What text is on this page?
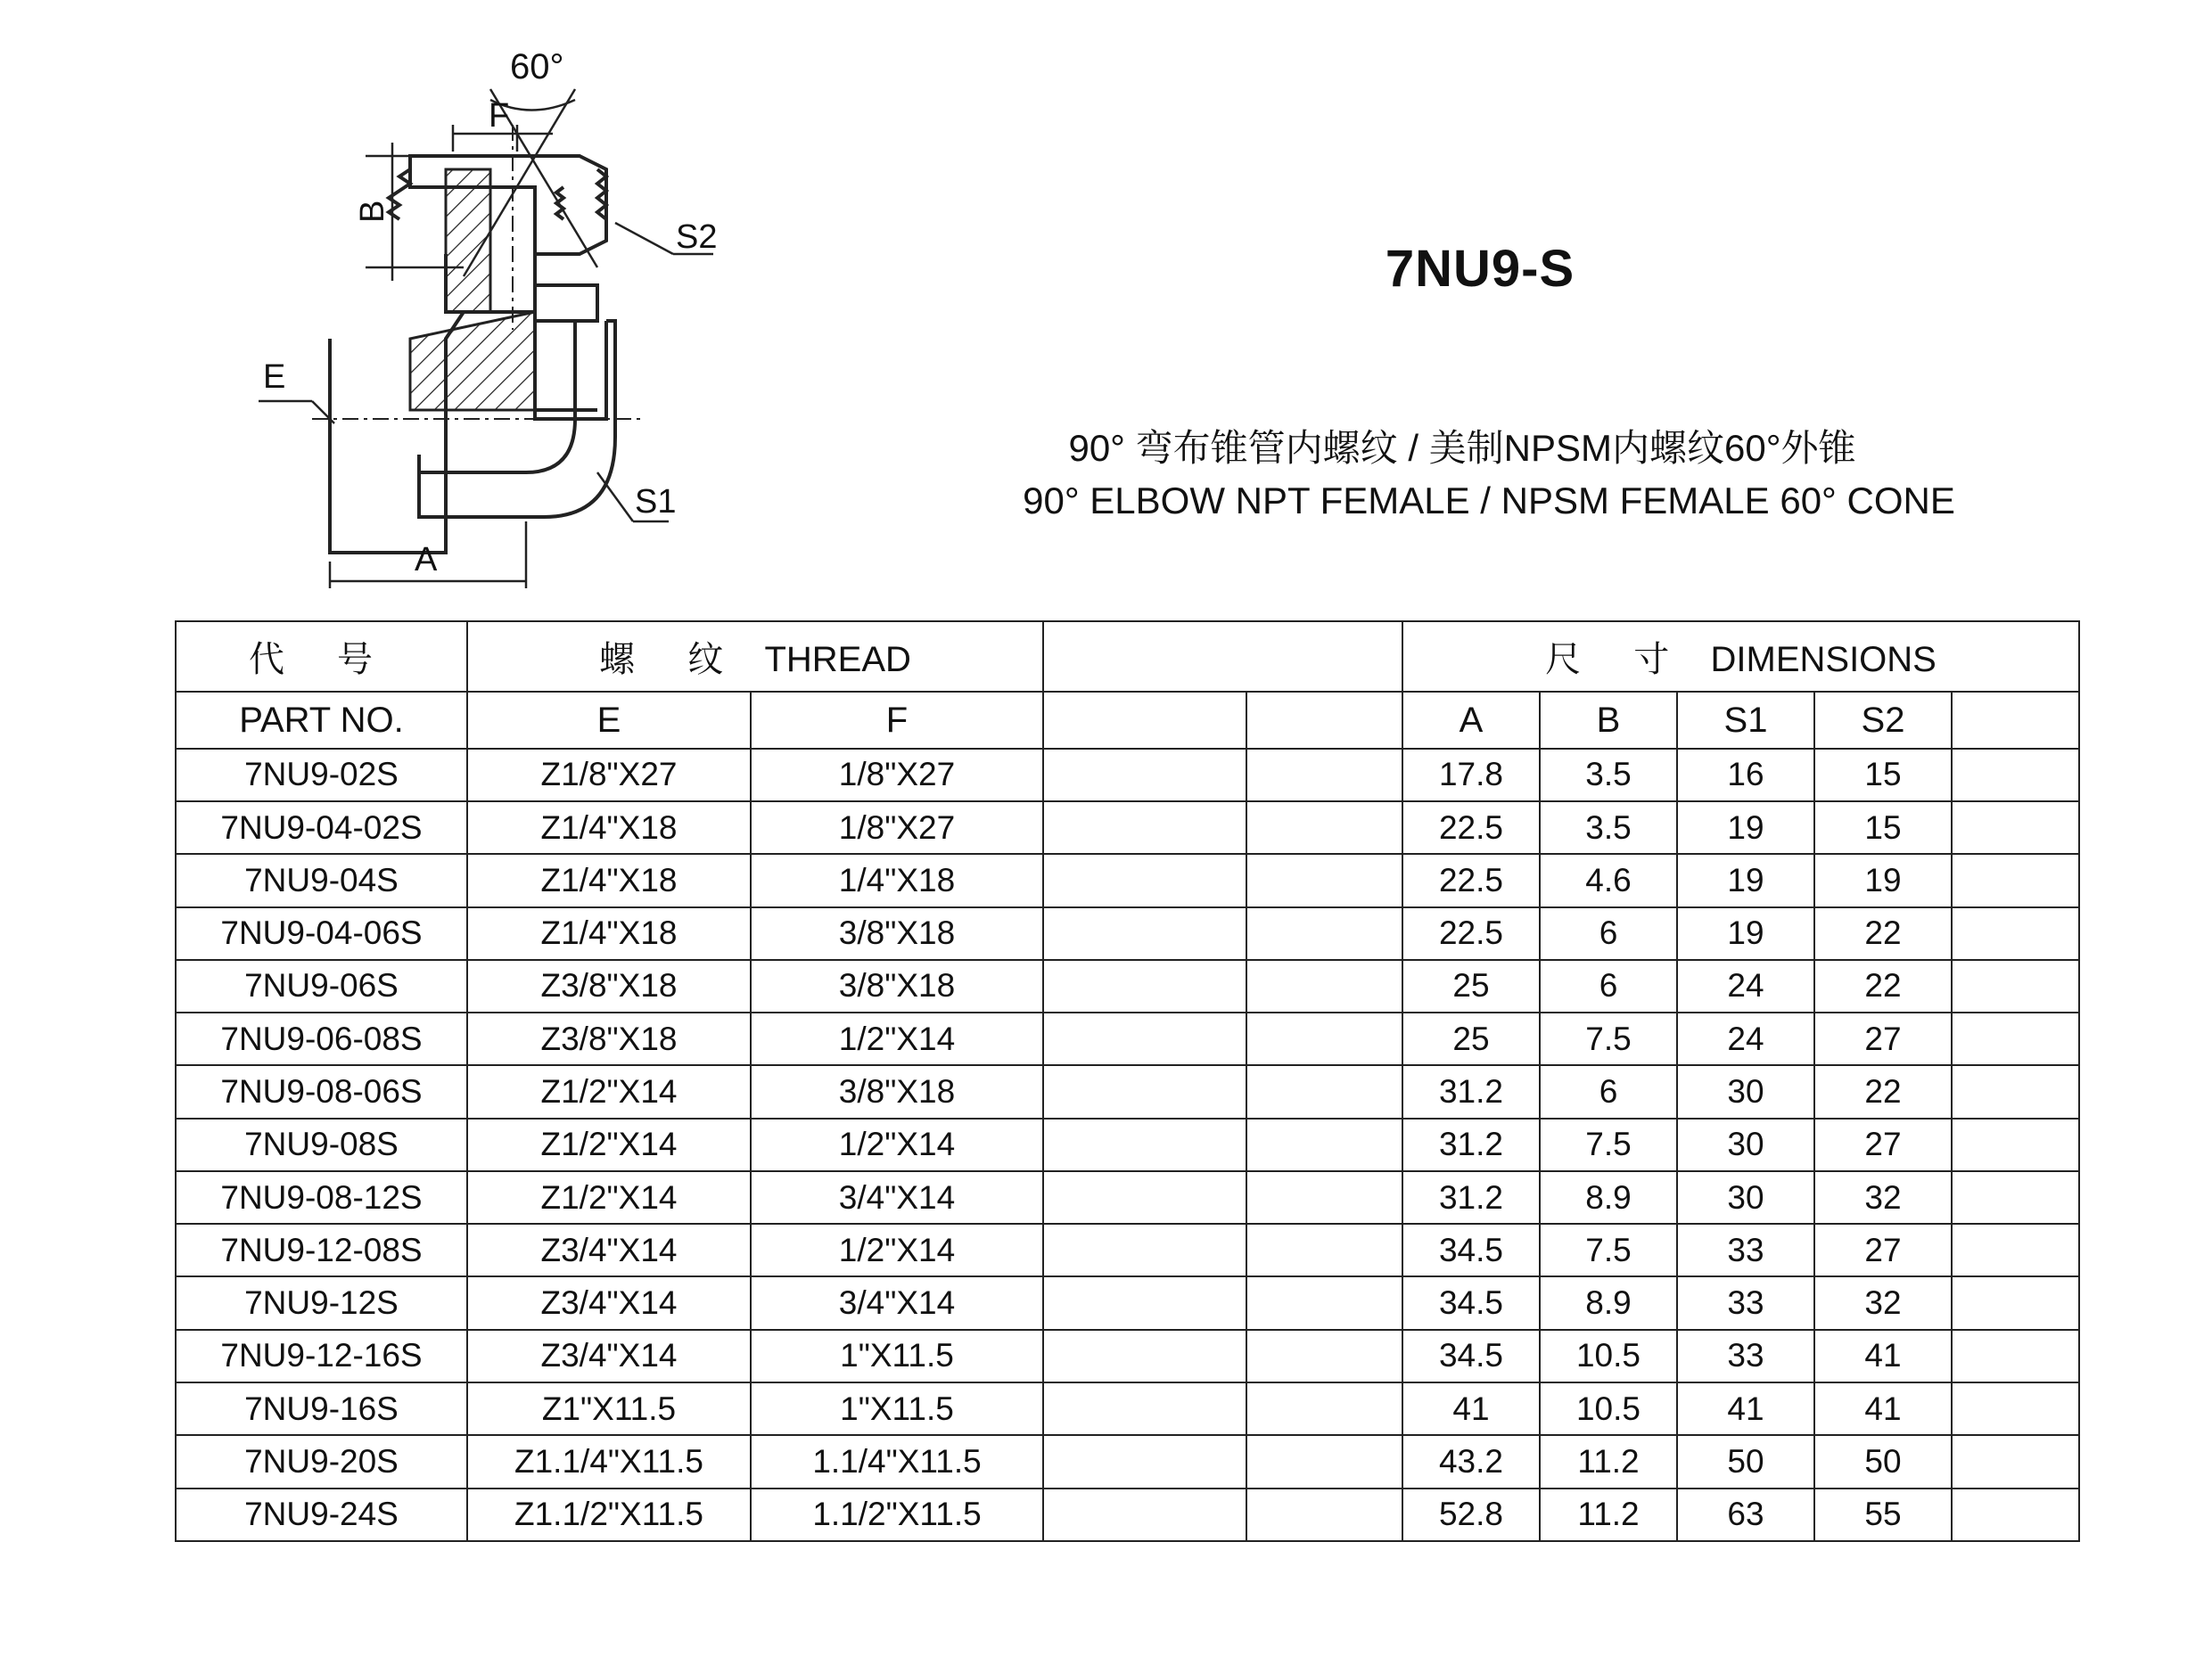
60°
F
B
S2
E
S1
A
7NU9-S
90° 弯布锥管内螺纹 / 美制NPSM内螺纹60°外锥
90° ELBOW NPT FEMALE / NPSM FEMALE 60° CONE
代 号	螺 纹 THREAD				尺 寸 DIMENSIONS				
PART NO.	E	F			A	B	S1	S2	
7NU9-02S	Z1/8"X27	1/8"X27			17.8	3.5	16	15	
7NU9-04-02S	Z1/4"X18	1/8"X27			22.5	3.5	19	15	
7NU9-04S	Z1/4"X18	1/4"X18			22.5	4.6	19	19	
7NU9-04-06S	Z1/4"X18	3/8"X18			22.5	6	19	22	
7NU9-06S	Z3/8"X18	3/8"X18			25	6	24	22	
7NU9-06-08S	Z3/8"X18	1/2"X14			25	7.5	24	27	
7NU9-08-06S	Z1/2"X14	3/8"X18			31.2	6	30	22	
7NU9-08S	Z1/2"X14	1/2"X14			31.2	7.5	30	27	
7NU9-08-12S	Z1/2"X14	3/4"X14			31.2	8.9	30	32	
7NU9-12-08S	Z3/4"X14	1/2"X14			34.5	7.5	33	27	
7NU9-12S	Z3/4"X14	3/4"X14			34.5	8.9	33	32	
7NU9-12-16S	Z3/4"X14	1"X11.5			34.5	10.5	33	41	
7NU9-16S	Z1"X11.5	1"X11.5			41	10.5	41	41	
7NU9-20S	Z1.1/4"X11.5	1.1/4"X11.5			43.2	11.2	50	50	
7NU9-24S	Z1.1/2"X11.5	1.1/2"X11.5			52.8	11.2	63	55	
